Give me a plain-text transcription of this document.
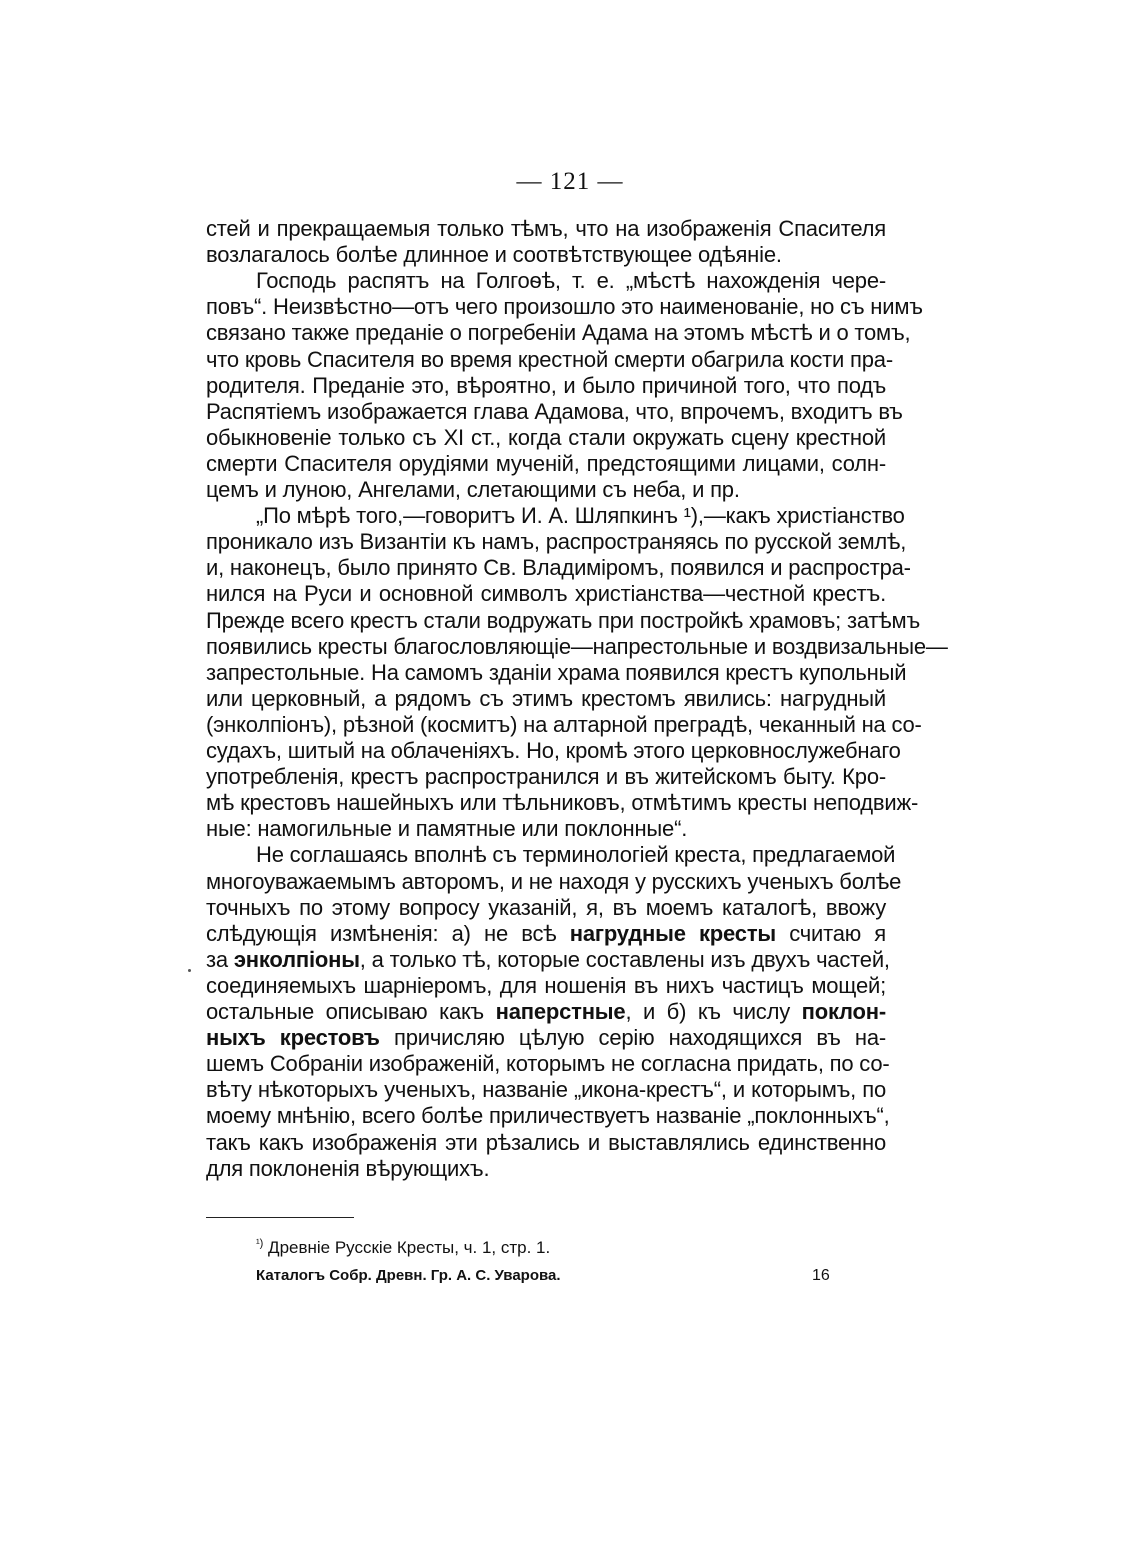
— 121 —
стей и прекращаемыя только тѣмъ, что на изображенія Спасителя
возлагалось болѣе длинное и соотвѣтствующее одѣяніе.
Господь распятъ на Голгоѳѣ, т. е. „мѣстѣ нахожденія чере-
повъ“. Неизвѣстно—отъ чего произошло это наименованіе, но съ нимъ
связано также преданіе о погребеніи Адама на этомъ мѣстѣ и о томъ,
что кровь Спасителя во время крестной смерти обагрила кости пра-
родителя. Преданіе это, вѣроятно, и было причиной того, что подъ
Распятіемъ изображается глава Адамова, что, впрочемъ, входитъ въ
обыкновеніе только съ XI ст., когда стали окружать сцену крестной
смерти Спасителя орудіями мученій, предстоящими лицами, солн-
цемъ и луною, Ангелами, слетающими съ неба, и пр.
„По мѣрѣ того,—говоритъ И. А. Шляпкинъ ¹),—какъ христіанство
проникало изъ Византіи къ намъ, распространяясь по русской землѣ,
и, наконецъ, было принято Св. Владиміромъ, появился и распростра-
нился на Руси и основной символъ христіанства—честной крестъ.
Прежде всего крестъ стали водружать при постройкѣ храмовъ; затѣмъ
появились кресты благословляющіе—напрестольные и воздвизальные—
запрестольные. На самомъ зданіи храма появился крестъ купольный
или церковный, а рядомъ съ этимъ крестомъ явились: нагрудный
(энколпіонъ), рѣзной (коcмитъ) на алтарной преградѣ, чеканный на со-
судахъ, шитый на облаченіяхъ. Но, кромѣ этого церковнослужебнаго
употребленія, крестъ распространился и въ житейскомъ быту. Кро-
мѣ крестовъ нашейныхъ или тѣльниковъ, отмѣтимъ кресты неподвиж-
ные: намогильные и памятные или поклонные“.
Не соглашаясь вполнѣ съ терминологіей креста, предлагаемой
многоуважаемымъ авторомъ, и не находя у русскихъ ученыхъ болѣе
точныхъ по этому вопросу указаній, я, въ моемъ каталогѣ, ввожу
слѣдующія измѣненія: а) не всѣ нагрудные кресты считаю я
за энколпіоны, а только тѣ, которые составлены изъ двухъ частей,
соединяемыхъ шарніеромъ, для ношенія въ нихъ частицъ мощей;
остальные описываю какъ наперстные, и б) къ числу поклон-
ныхъ крестовъ причисляю цѣлую серію находящихся въ на-
шемъ Собраніи изображеній, которымъ не согласна придать, по со-
вѣту нѣкоторыхъ ученыхъ, названіе „икона-крестъ“, и которымъ, по
моему мнѣнію, всего болѣе приличествуетъ названіе „поклонныхъ“,
такъ какъ изображенія эти рѣзались и выставлялись единственно
для поклоненія вѣрующихъ.
$^{^1)}$ Древніе Русскіе Кресты, ч. 1, стр. 1.
Каталогъ Собр. Древн. Гр. А. С. Уварова.	16
